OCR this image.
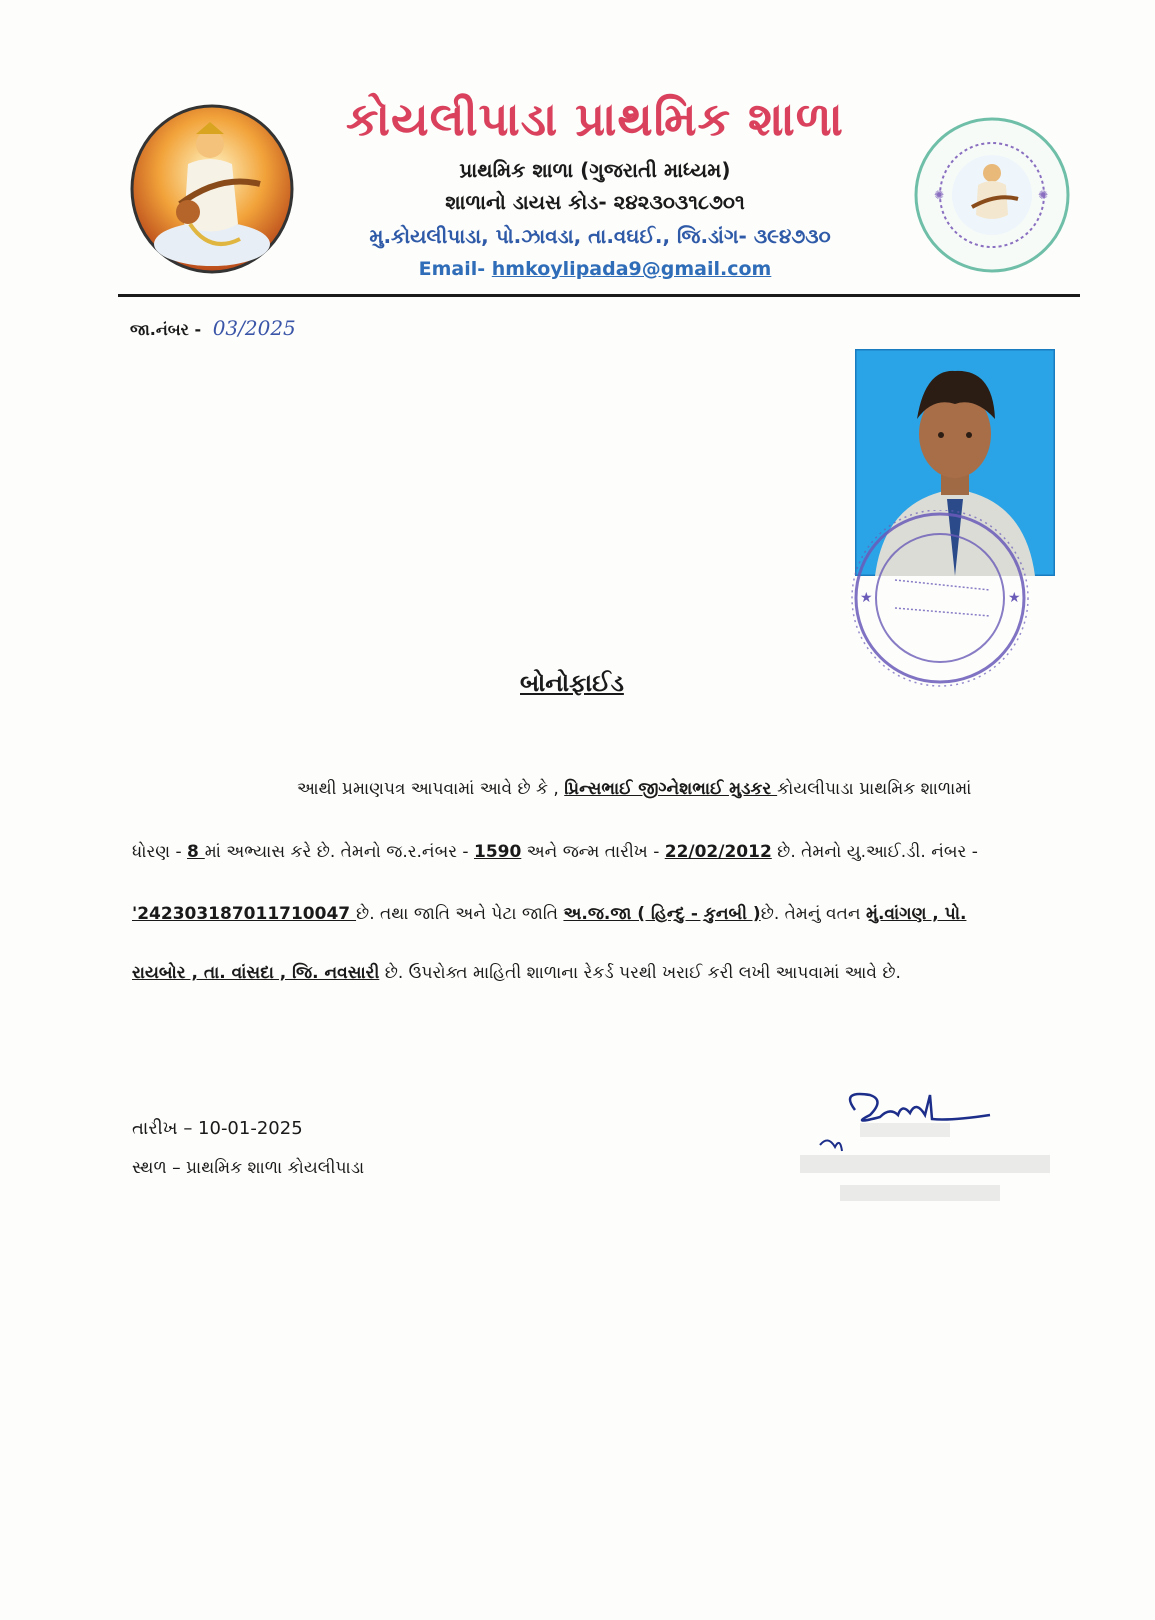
કોયલીપાડા પ્રાથમિક શાળા
પ્રાથમિક શાળા (ગુજરાતી માધ્યમ)
શાળાનો ડાયસ કોડ- ૨૪૨૩૦૩૧૮૭૦૧
મુ.કોયલીપાડા, પો.ઝાવડા, તા.વઘઈ., જિ.ડાંગ- ૩૯૪૭૩૦
Email- hmkoylipada9@gmail.com
✺	✺
જા.નંબર - 03/2025
★	★
બોનોફાઈડ
આથી પ્રમાણપત્ર આપવામાં આવે છે કે , પ્રિન્સભાઈ જીગ્નેશભાઈ મુડકર કોયલીપાડા પ્રાથમિક શાળામાં
ધોરણ - 8 માં અભ્યાસ કરે છે. તેમનો જ.ર.નંબર - 1590 અને જન્મ તારીખ - 22/02/2012 છે. તેમનો યુ.આઈ.ડી. નંબર -
'242303187011710047 છે. તથા જાતિ અને પેટા જાતિ અ.જ.જા ( હિન્દુ - કુનબી )છે. તેમનું વતન મું.વાંગણ , પો.
રાયબોર , તા. વાંસદા , જિ. નવસારી છે. ઉપરોક્ત માહિતી શાળાના રેકર્ડ પરથી ખરાઈ કરી લખી આપવામાં આવે છે.
તારીખ – 10-01-2025
સ્થળ – પ્રાથમિક શાળા કોયલીપાડા
